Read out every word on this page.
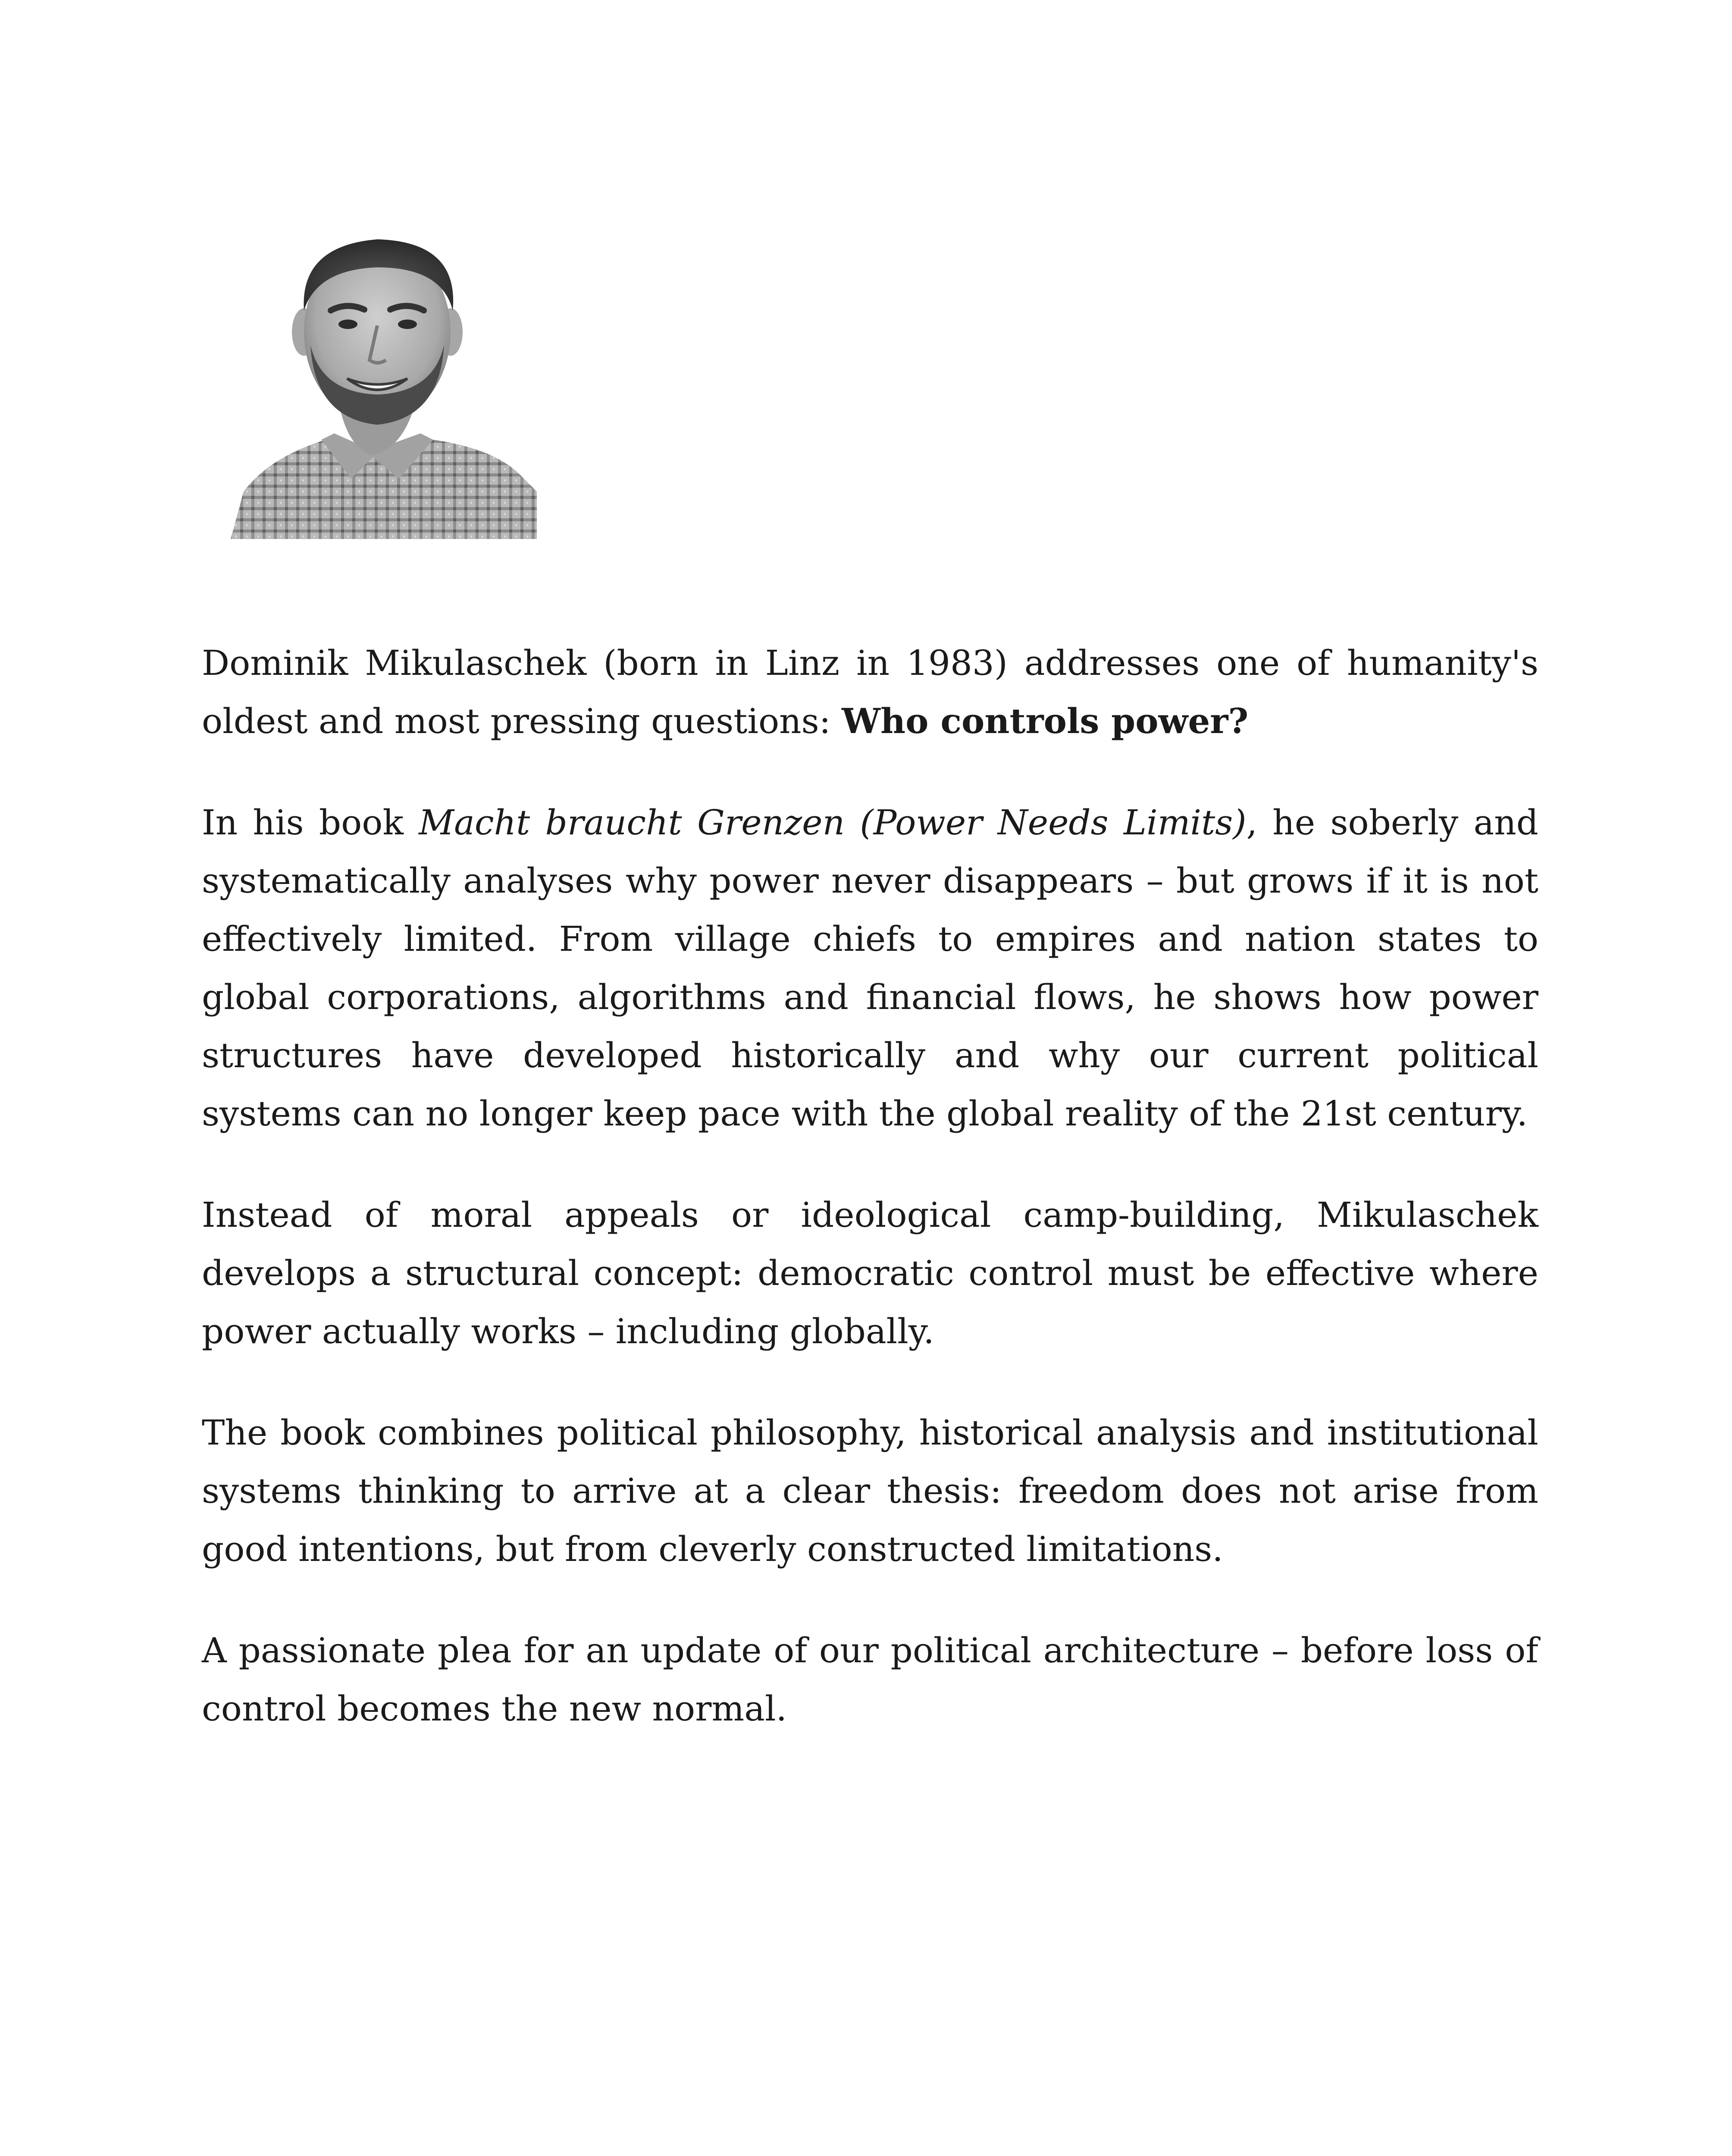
Dominik Mikulaschek (born in Linz in 1983) addresses one of humanity's oldest and most pressing questions: Who controls power?

In his book Macht braucht Grenzen (Power Needs Limits), he soberly and systematically analyses why power never disappears – but grows if it is not effectively limited. From village chiefs to empires and nation states to global corporations, algorithms and financial flows, he shows how power structures have developed historically and why our current political systems can no longer keep pace with the global reality of the 21st century.

Instead of moral appeals or ideological camp-building, Mikulaschek develops a structural concept: democratic control must be effective where power actually works – including globally.

The book combines political philosophy, historical analysis and institutional systems thinking to arrive at a clear thesis: freedom does not arise from good intentions, but from cleverly constructed limitations.

A passionate plea for an update of our political architecture – before loss of control becomes the new normal.
